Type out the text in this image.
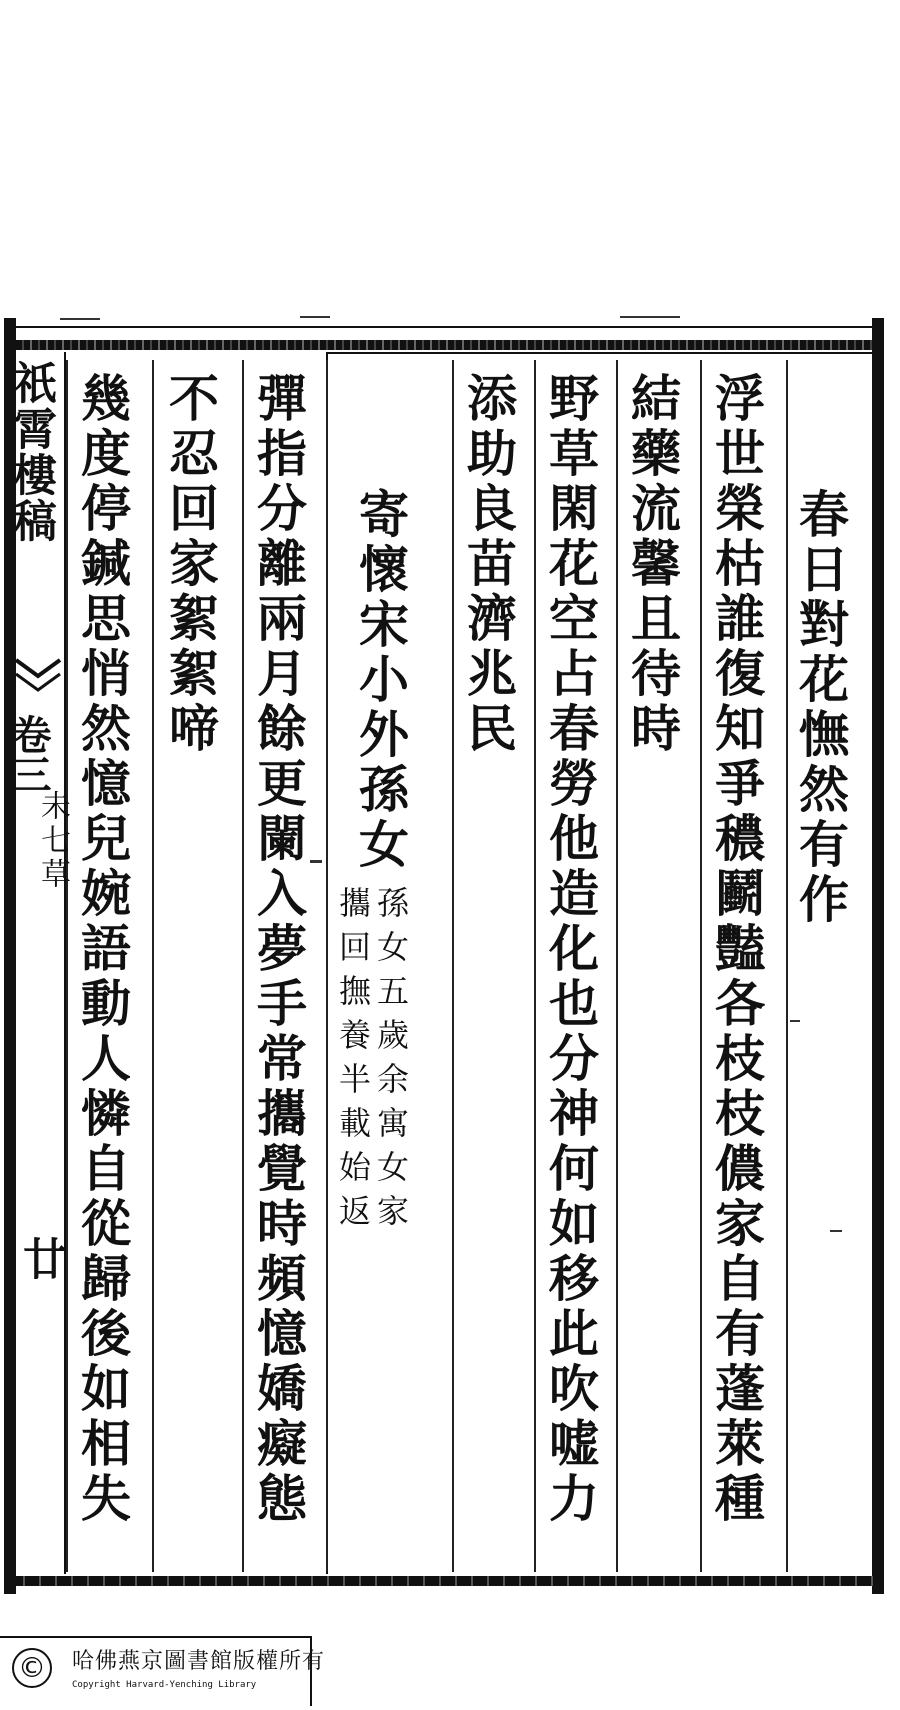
春日對花憮然有作
浮世榮枯誰復知爭穠鬬豔各枝枝儂家自有蓬萊種
結藥流馨且待時
野草閑花空占春勞他造化也分神何如移此吹嘘力
添助良苗濟兆民
寄懷宋小外孫女
孫女五歲余寓女家
攜回撫養半載始返
彈指分離兩月餘更闌入夢手常攜覺時頻憶嬌癡態
不忍回家絮絮啼
幾度停鍼思悄然憶兒婉語動人憐自從歸後如相失
祇霄樓稿
卷三
未七草
廿
© 哈佛燕京圖書館版權所有
Copyright Harvard-Yenching Library
